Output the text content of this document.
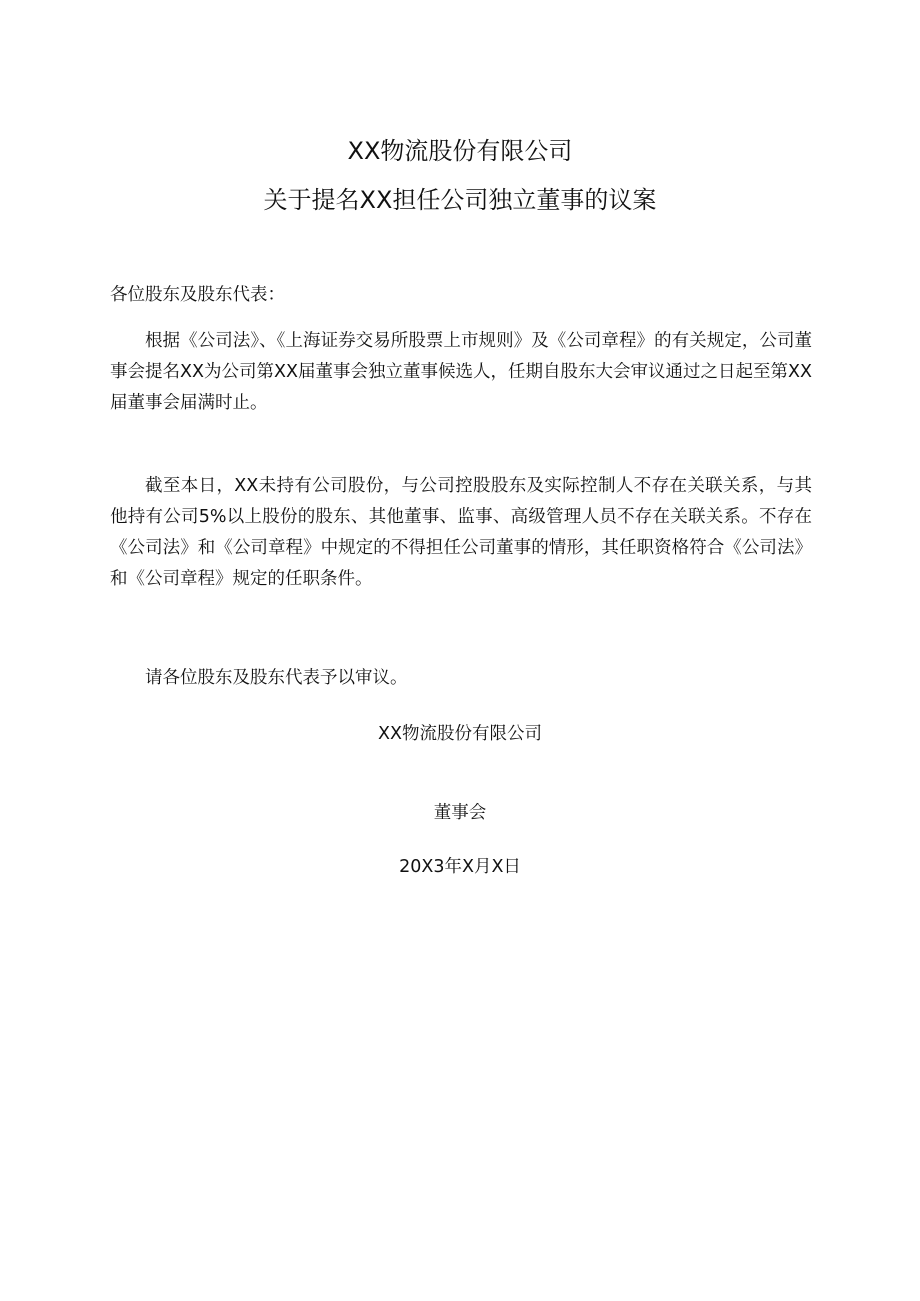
XX物流股份有限公司
关于提名XX担任公司独立董事的议案
各位股东及股东代表：

根据《公司法》、《上海证券交易所股票上市规则》及《公司章程》的有关规定，公司董事会提名XX为公司第XX届董事会独立董事候选人，任期自股东大会审议通过之日起至第XX届董事会届满时止。

截至本日，XX未持有公司股份，与公司控股股东及实际控制人不存在关联关系，与其他持有公司5%以上股份的股东、其他董事、监事、高级管理人员不存在关联关系。不存在《公司法》和《公司章程》中规定的不得担任公司董事的情形，其任职资格符合《公司法》和《公司章程》规定的任职条件。

请各位股东及股东代表予以审议。

XX物流股份有限公司
董事会
20X3年X月X日
